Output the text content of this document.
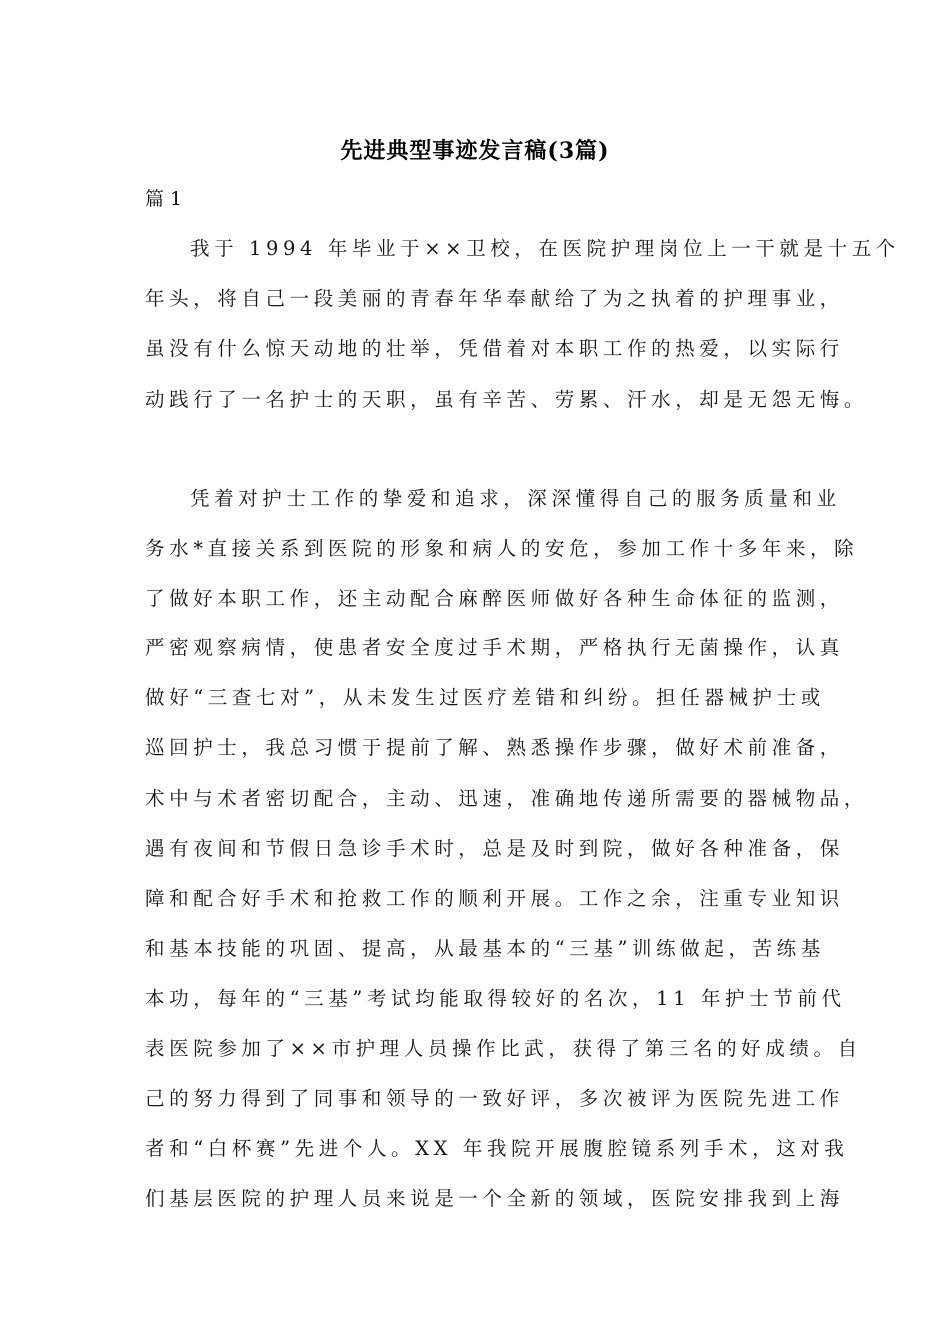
先进典型事迹发言稿(3篇)
篇 1
我于 1994 年毕业于××卫校，在医院护理岗位上一干就是十五个
年头，将自己一段美丽的青春年华奉献给了为之执着的护理事业，
虽没有什么惊天动地的壮举，凭借着对本职工作的热爱，以实际行
动践行了一名护士的天职，虽有辛苦、劳累、汗水，却是无怨无悔。
凭着对护士工作的挚爱和追求，深深懂得自己的服务质量和业
务水*直接关系到医院的形象和病人的安危，参加工作十多年来，除
了做好本职工作，还主动配合麻醉医师做好各种生命体征的监测，
严密观察病情，使患者安全度过手术期，严格执行无菌操作，认真
做好“三查七对”，从未发生过医疗差错和纠纷。担任器械护士或
巡回护士，我总习惯于提前了解、熟悉操作步骤，做好术前准备，
术中与术者密切配合，主动、迅速，准确地传递所需要的器械物品，
遇有夜间和节假日急诊手术时，总是及时到院，做好各种准备，保
障和配合好手术和抢救工作的顺利开展。工作之余，注重专业知识
和基本技能的巩固、提高，从最基本的“三基”训练做起，苦练基
本功，每年的“三基”考试均能取得较好的名次，11 年护士节前代
表医院参加了××市护理人员操作比武，获得了第三名的好成绩。自
己的努力得到了同事和领导的一致好评，多次被评为医院先进工作
者和“白杯赛”先进个人。XX 年我院开展腹腔镜系列手术，这对我
们基层医院的护理人员来说是一个全新的领域，医院安排我到上海
